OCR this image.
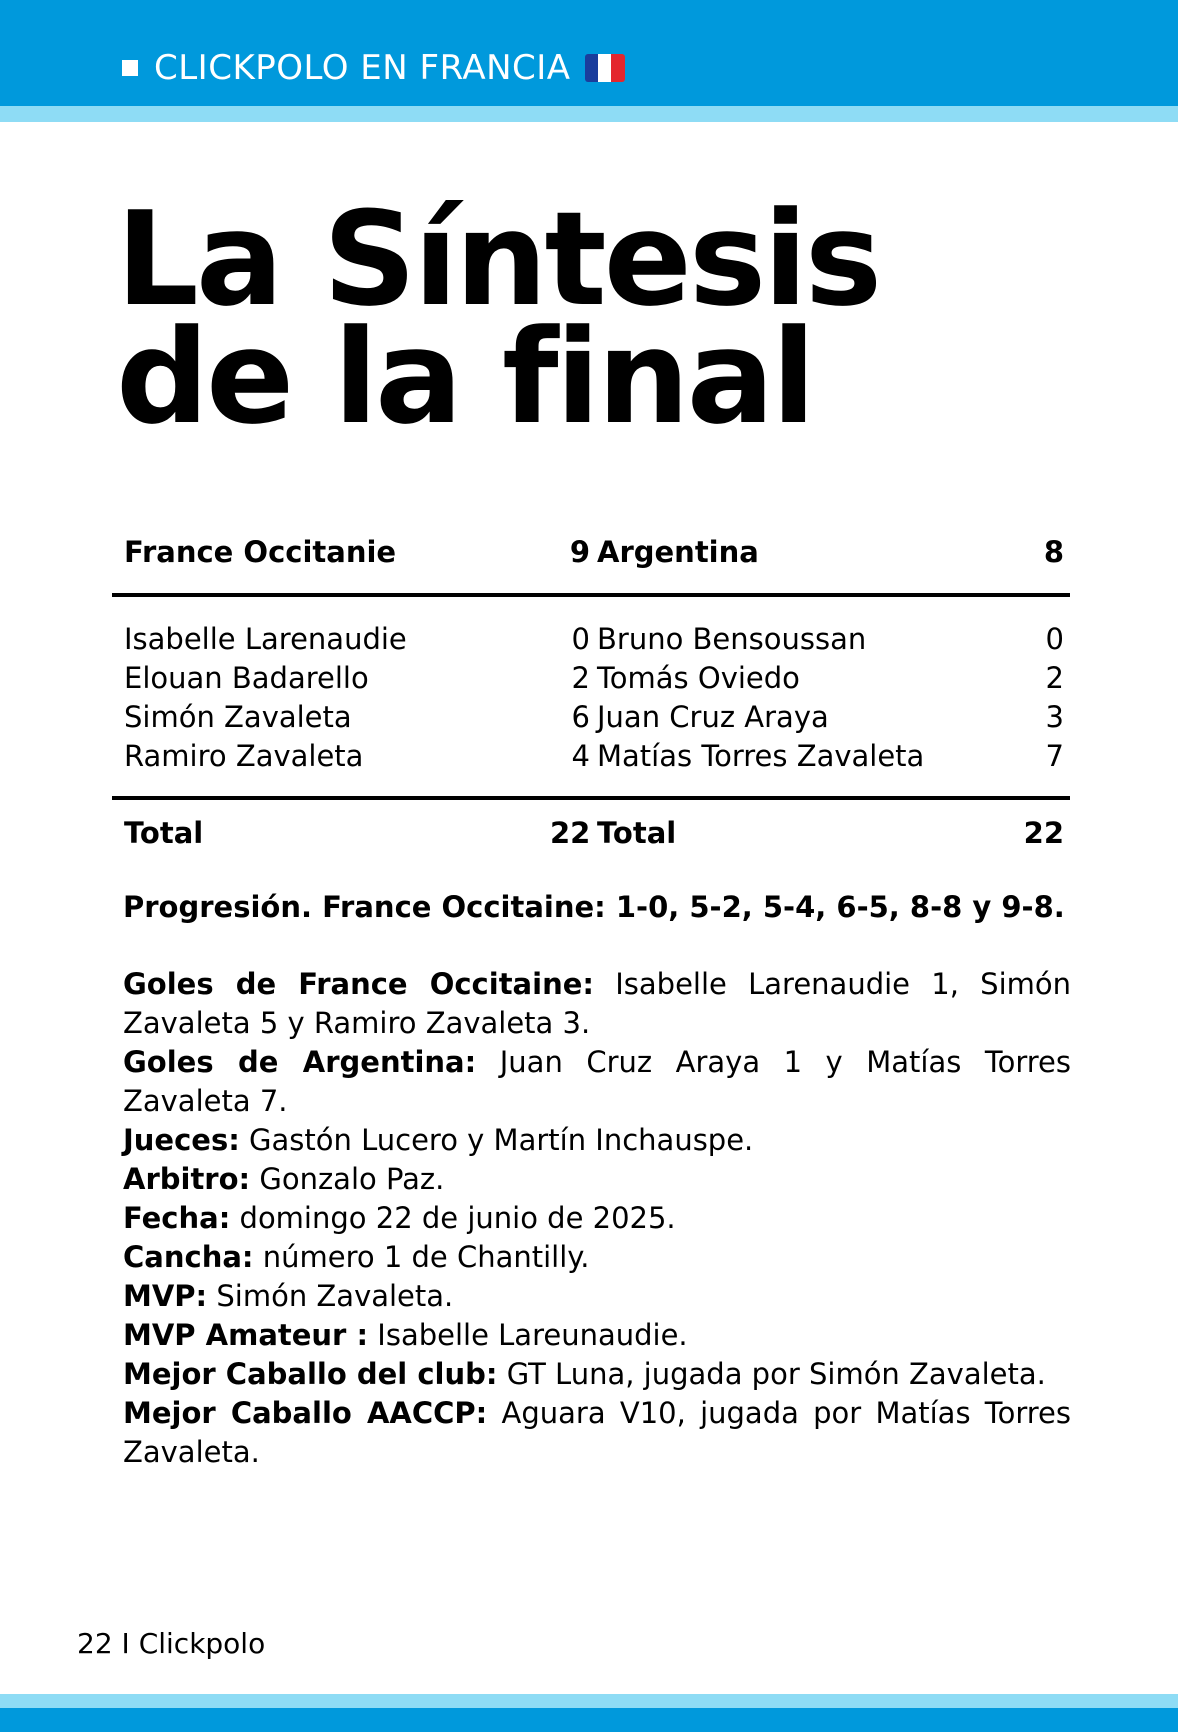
CLICKPOLO EN FRANCIA
La Síntesis
de la final
France Occitanie	9 Argentina	8
Isabelle Larenaudie	0 Bruno Bensoussan	0
Elouan Badarello	2 Tomás Oviedo	2
Simón Zavaleta	6 Juan Cruz Araya	3
Ramiro Zavaleta	4 Matías Torres Zavaleta	7
Total	22 Total	22

Progresión. France Occitaine: 1-0, 5-2, 5-4, 6-5, 8-8 y 9-8.

Goles de France Occitaine: Isabelle Larenaudie 1, Simón Zavaleta 5 y Ramiro Zavaleta 3.

Goles de Argentina: Juan Cruz Araya 1 y Matías Torres Zavaleta 7.

Jueces: Gastón Lucero y Martín Inchauspe.

Arbitro: Gonzalo Paz.

Fecha: domingo 22 de junio de 2025.

Cancha: número 1 de Chantilly.

MVP: Simón Zavaleta.

MVP Amateur : Isabelle Lareunaudie.

Mejor Caballo del club: GT Luna, jugada por Simón Zavaleta.

Mejor Caballo AACCP: Aguara V10, jugada por Matías Torres Zavaleta.

22 I Clickpolo
